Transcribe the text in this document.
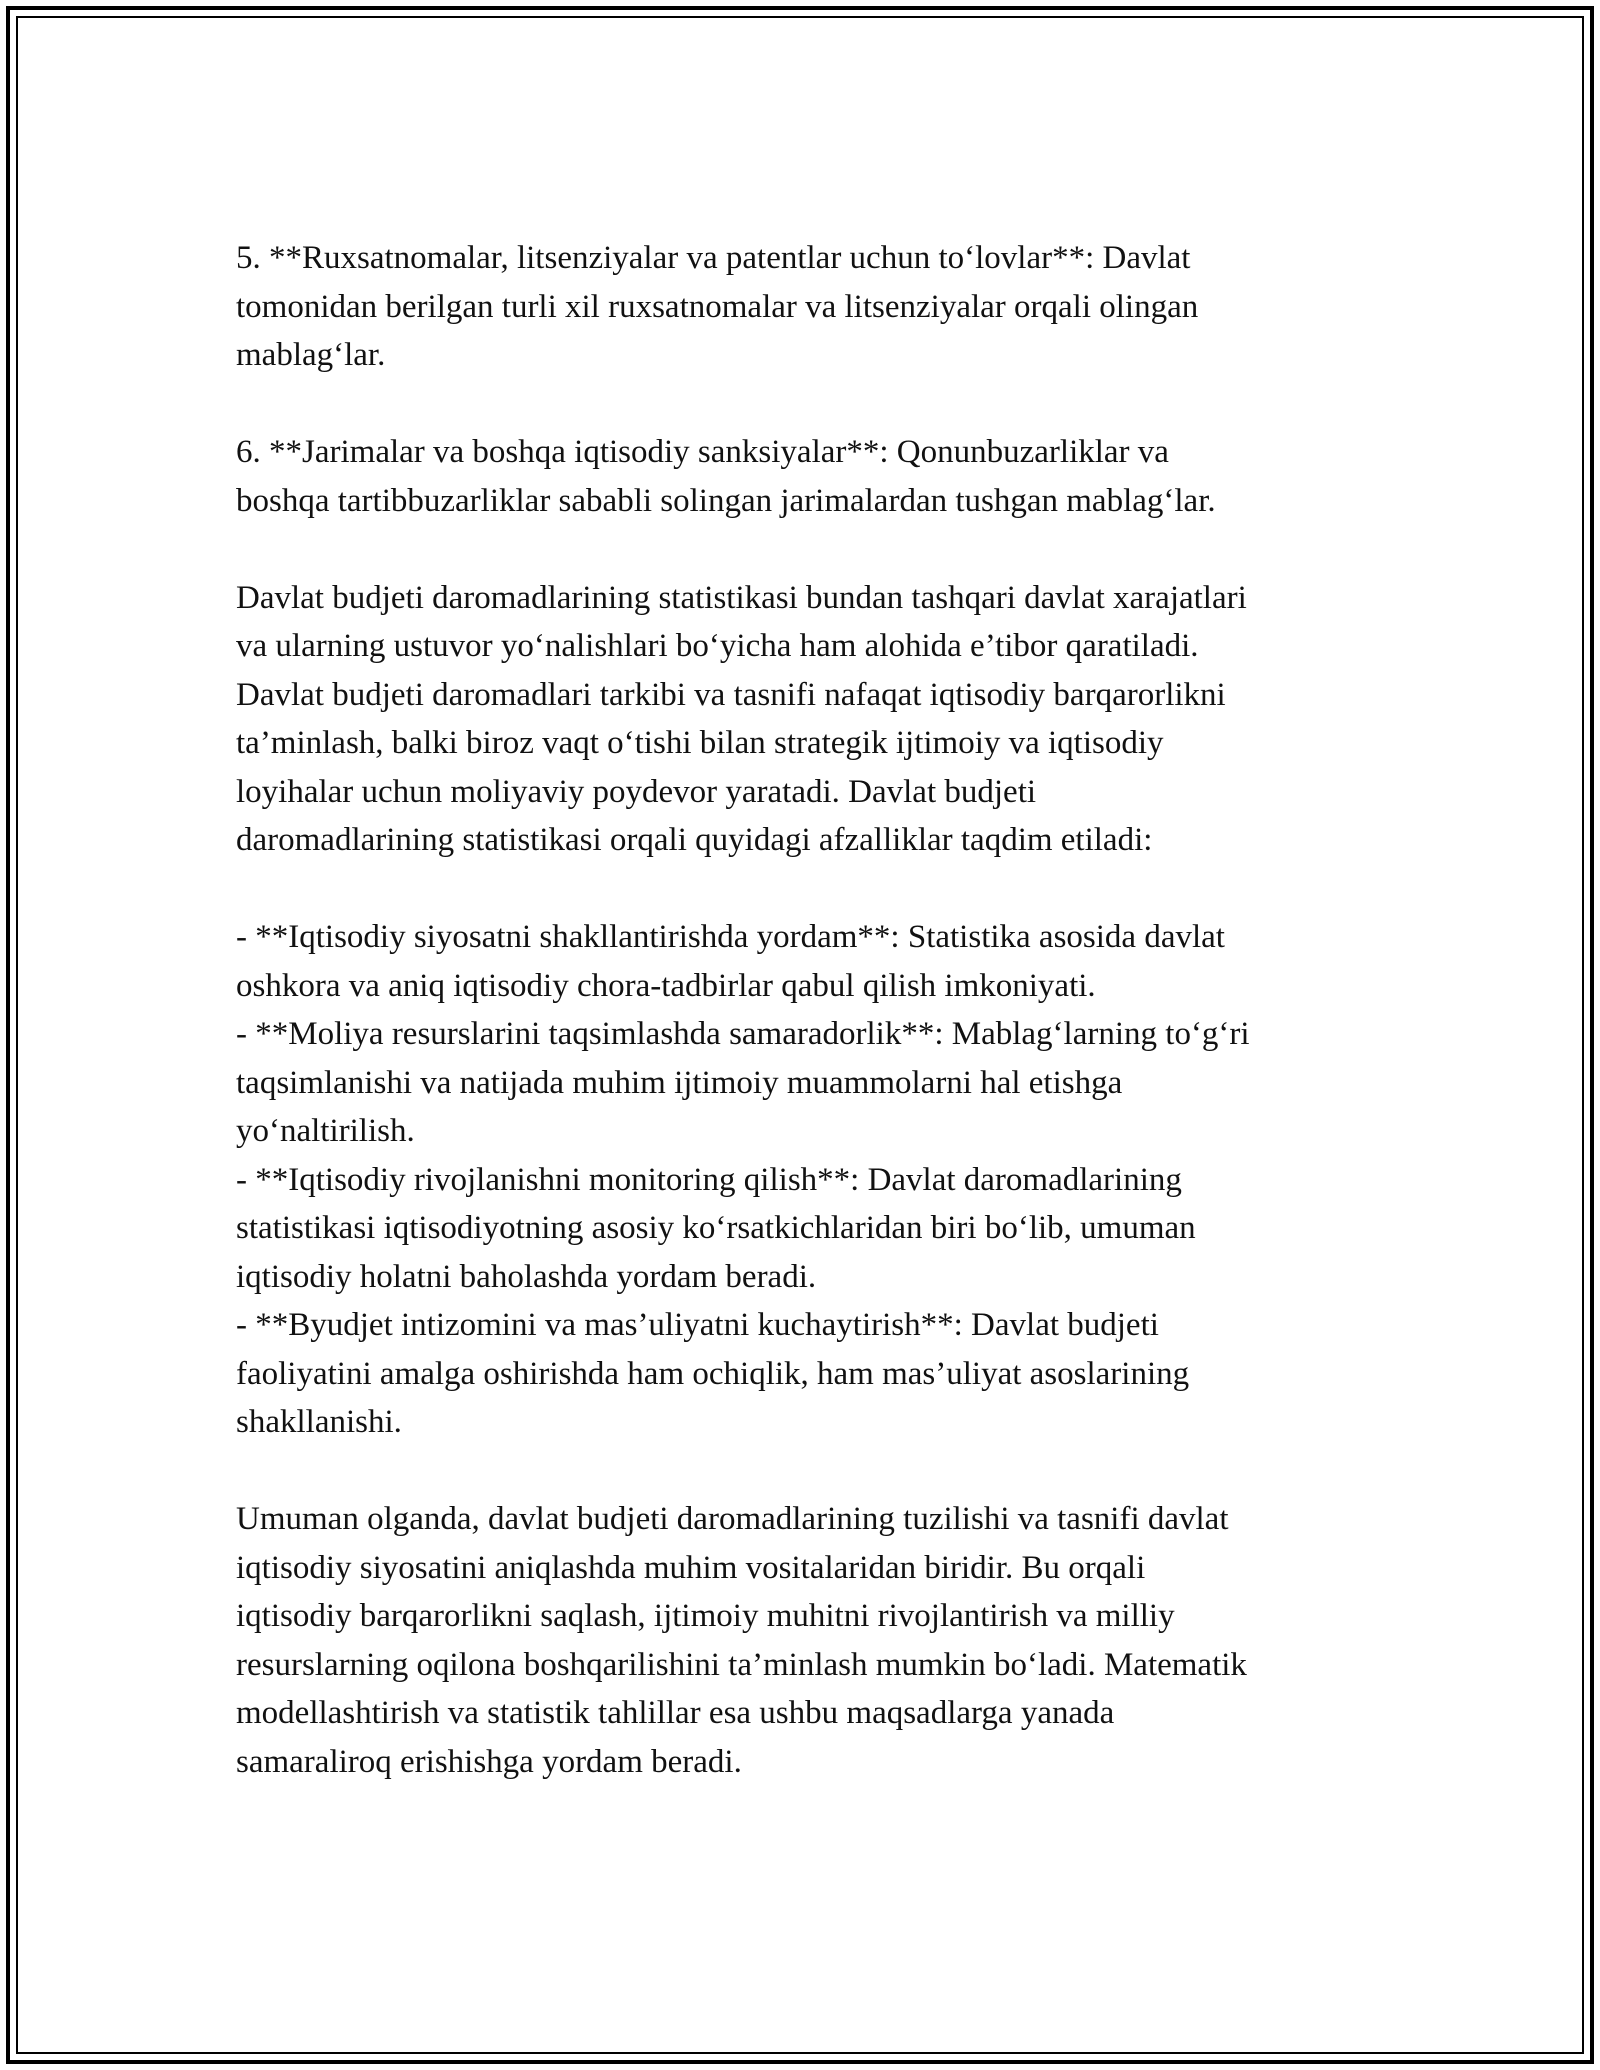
5. **Ruxsatnomalar, litsenziyalar va patentlar uchun to‘lovlar**: Davlat
tomonidan berilgan turli xil ruxsatnomalar va litsenziyalar orqali olingan
mablag‘lar.

6. **Jarimalar va boshqa iqtisodiy sanksiyalar**: Qonunbuzarliklar va
boshqa tartibbuzarliklar sababli solingan jarimalardan tushgan mablag‘lar.

Davlat budjeti daromadlarining statistikasi bundan tashqari davlat xarajatlari
va ularning ustuvor yo‘nalishlari bo‘yicha ham alohida e’tibor qaratiladi.
Davlat budjeti daromadlari tarkibi va tasnifi nafaqat iqtisodiy barqarorlikni
ta’minlash, balki biroz vaqt o‘tishi bilan strategik ijtimoiy va iqtisodiy
loyihalar uchun moliyaviy poydevor yaratadi. Davlat budjeti
daromadlarining statistikasi orqali quyidagi afzalliklar taqdim etiladi:

- **Iqtisodiy siyosatni shakllantirishda yordam**: Statistika asosida davlat
oshkora va aniq iqtisodiy chora-tadbirlar qabul qilish imkoniyati.
- **Moliya resurslarini taqsimlashda samaradorlik**: Mablag‘larning to‘g‘ri
taqsimlanishi va natijada muhim ijtimoiy muammolarni hal etishga
yo‘naltirilish.
- **Iqtisodiy rivojlanishni monitoring qilish**: Davlat daromadlarining
statistikasi iqtisodiyotning asosiy ko‘rsatkichlaridan biri bo‘lib, umuman
iqtisodiy holatni baholashda yordam beradi.
- **Byudjet intizomini va mas’uliyatni kuchaytirish**: Davlat budjeti
faoliyatini amalga oshirishda ham ochiqlik, ham mas’uliyat asoslarining
shakllanishi.

Umuman olganda, davlat budjeti daromadlarining tuzilishi va tasnifi davlat
iqtisodiy siyosatini aniqlashda muhim vositalaridan biridir. Bu orqali
iqtisodiy barqarorlikni saqlash, ijtimoiy muhitni rivojlantirish va milliy
resurslarning oqilona boshqarilishini ta’minlash mumkin bo‘ladi. Matematik
modellashtirish va statistik tahlillar esa ushbu maqsadlarga yanada
samaraliroq erishishga yordam beradi.
